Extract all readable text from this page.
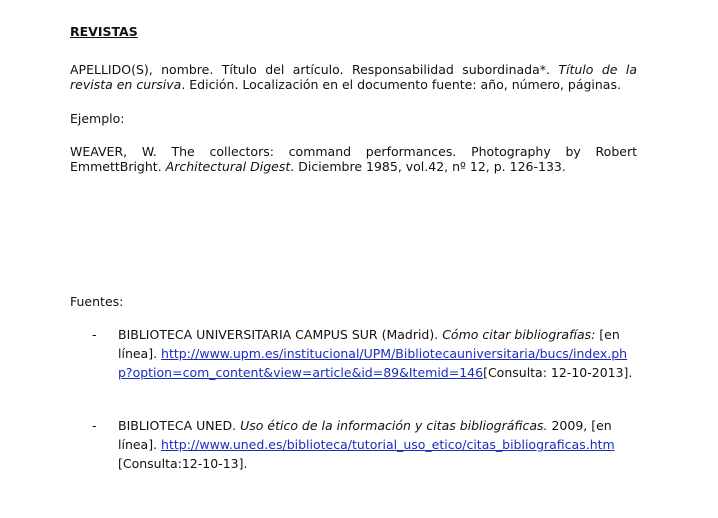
REVISTAS
APELLIDO(S), nombre. Título del artículo. Responsabilidad subordinada*. Título de la revista en cursiva. Edición. Localización en el documento fuente: año, número, páginas.
Ejemplo:
WEAVER, W. The collectors: command performances. Photography by Robert EmmettBright. Architectural Digest. Diciembre 1985, vol.42, nº 12, p. 126-133.
Fuentes:
- BIBLIOTECA UNIVERSITARIA CAMPUS SUR (Madrid). Cómo citar bibliografías: [en línea]. http://www.upm.es/institucional/UPM/Bibliotecauniversitaria/bucs/index.php?option=com_content&view=article&id=89&Itemid=146[Consulta: 12-10-2013].
- BIBLIOTECA UNED. Uso ético de la información y citas bibliográficas. 2009, [en línea]. http://www.uned.es/biblioteca/tutorial_uso_etico/citas_bibliograficas.htm [Consulta:12-10-13].
